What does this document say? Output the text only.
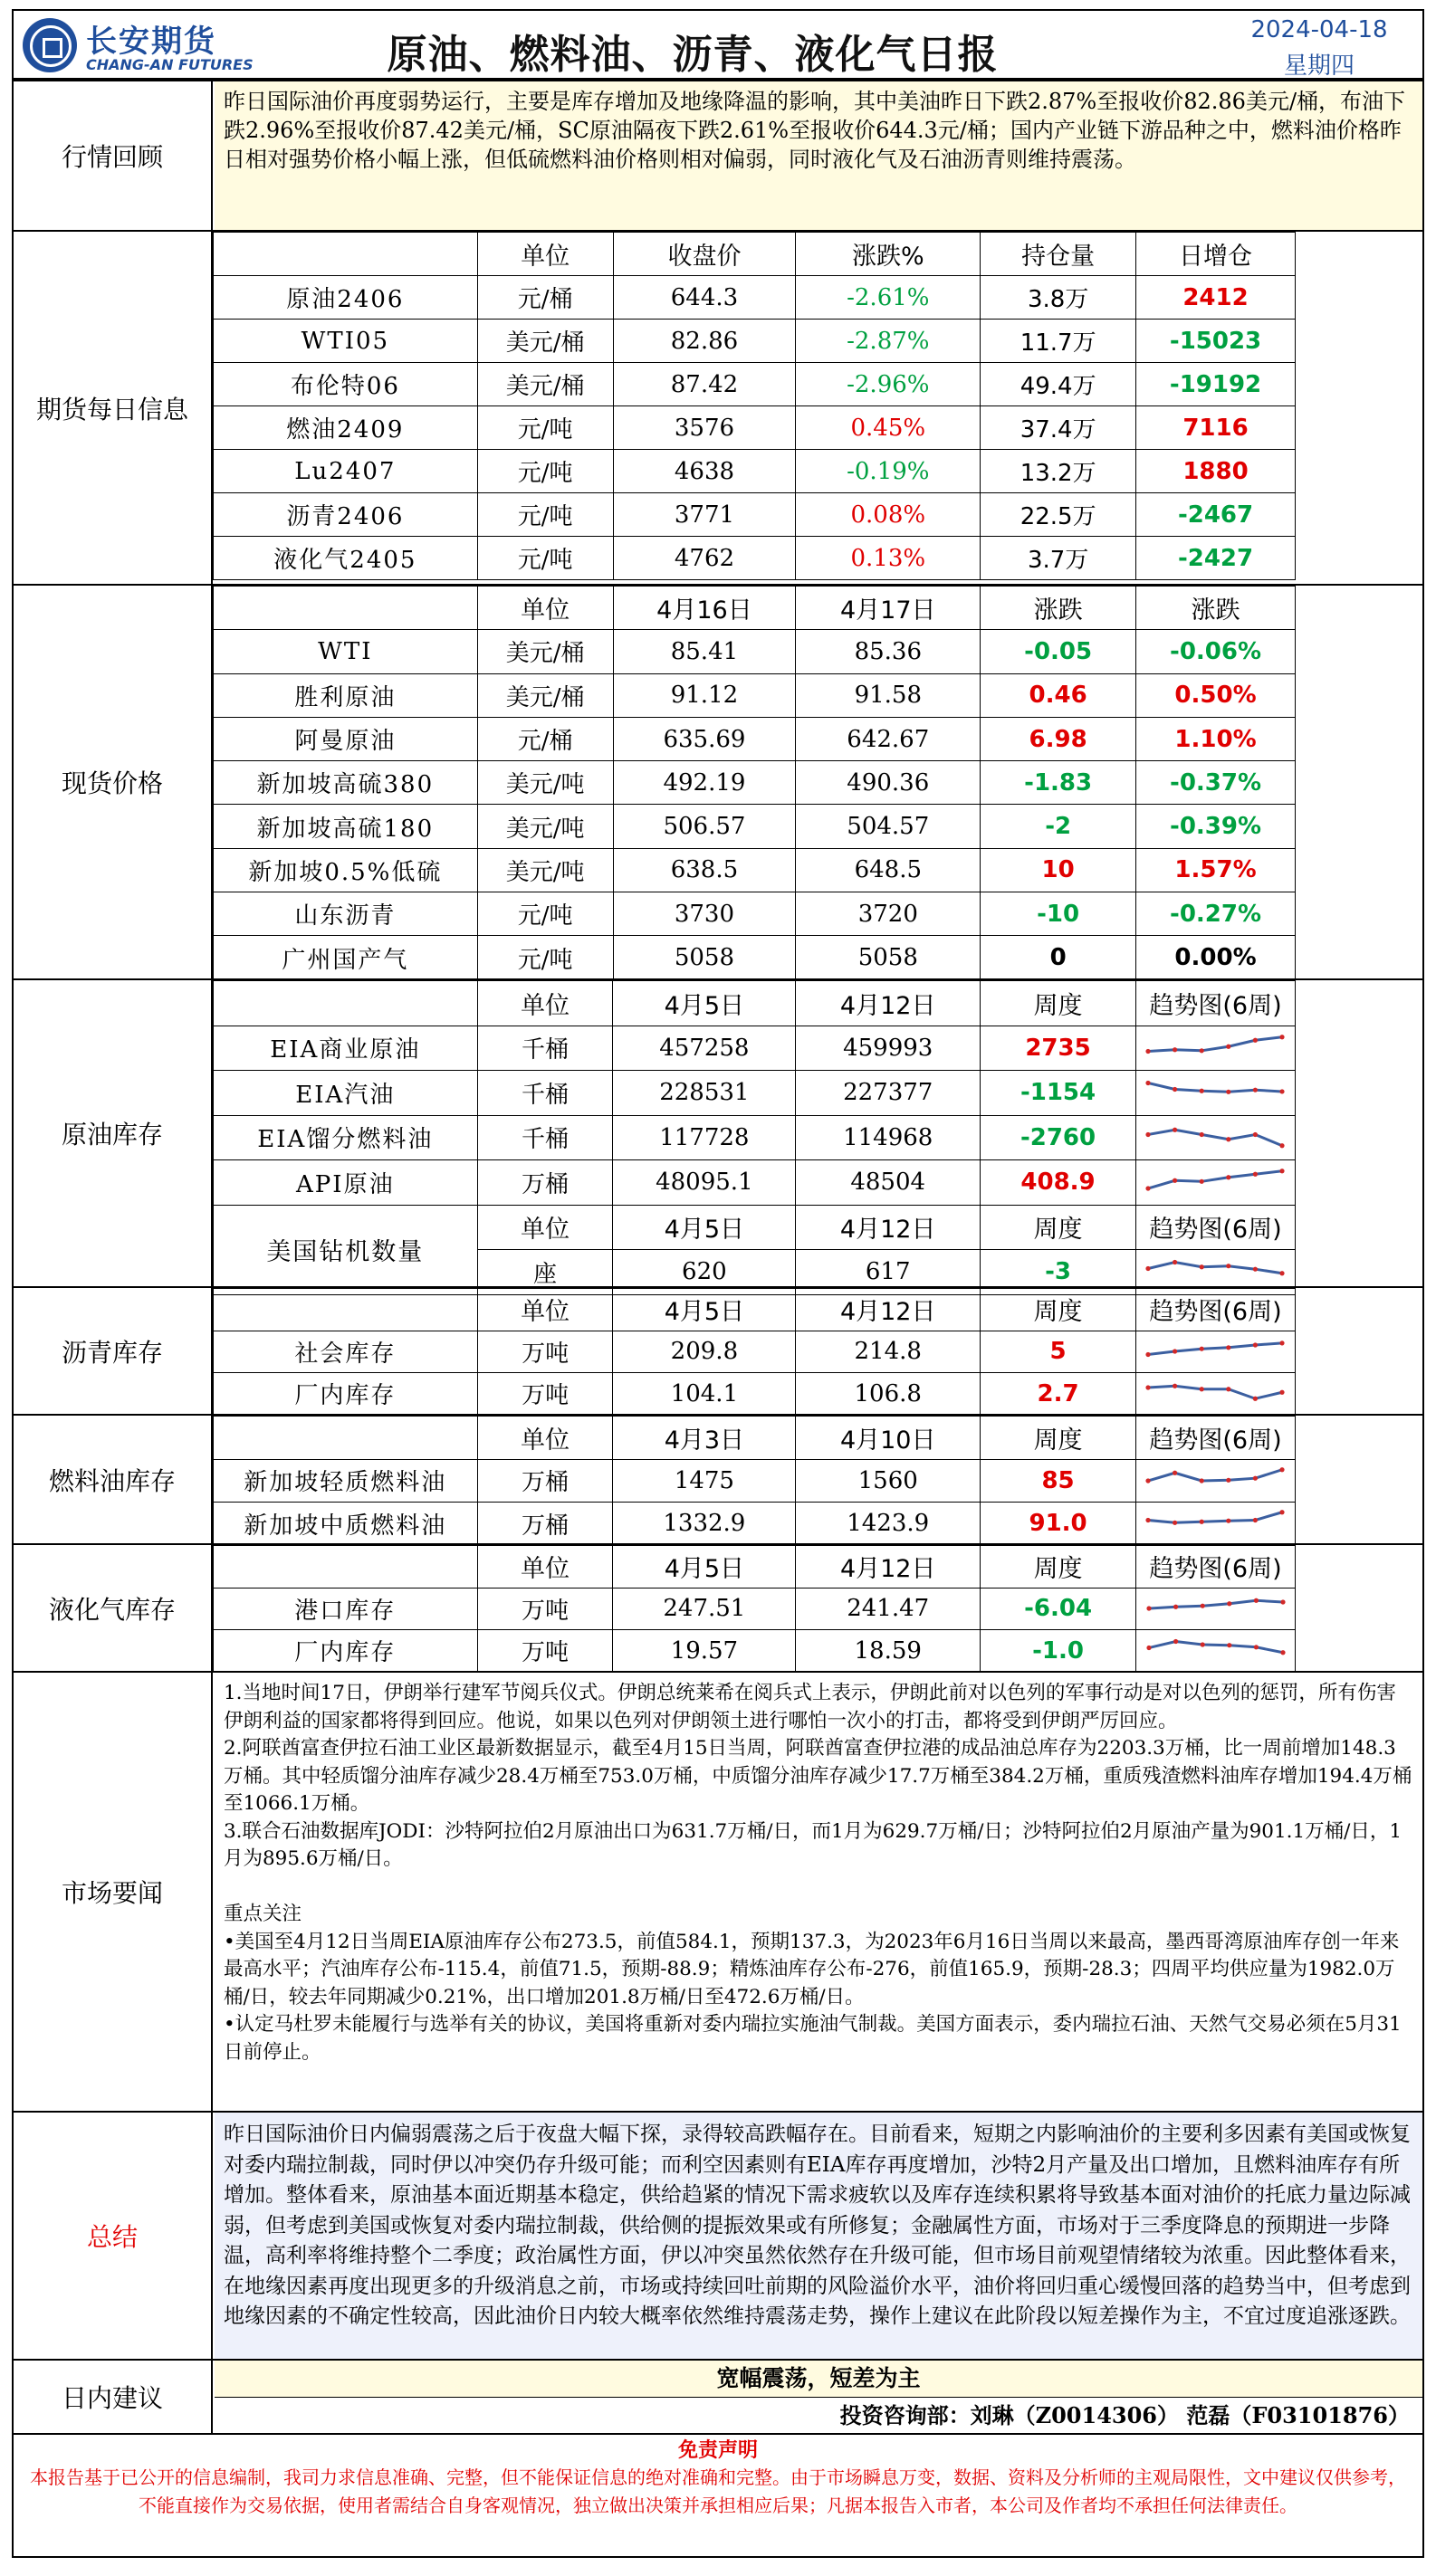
长安期货
CHANG-AN FUTURES	原油、燃料油、沥青、液化气日报
2024-04-18
星期四
行情回顾

昨日国际油价再度弱势运行，主要是库存增加及地缘降温的影响，其中美油昨日下跌2.87%至报收价82.86美元/桶，布油下跌2.96%至报收价87.42美元/桶，SC原油隔夜下跌2.61%至报收价644.3元/桶；国内产业链下游品种之中，燃料油价格昨日相对强势价格小幅上涨，但低硫燃料油价格则相对偏弱，同时液化气及石油沥青则维持震荡。

期货每日信息
	单位	收盘价	涨跌%	持仓量	日增仓
原油2406	元/桶	644.3	-2.61%	3.8万	2412
WTI05	美元/桶	82.86	-2.87%	11.7万	-15023
布伦特06	美元/桶	87.42	-2.96%	49.4万	-19192
燃油2409	元/吨	3576	0.45%	37.4万	7116
Lu2407	元/吨	4638	-0.19%	13.2万	1880
沥青2406	元/吨	3771	0.08%	22.5万	-2467
液化气2405	元/吨	4762	0.13%	3.7万	-2427
现货价格
	单位	4月16日	4月17日	涨跌	涨跌
WTI	美元/桶	85.41	85.36	-0.05	-0.06%
胜利原油	美元/桶	91.12	91.58	0.46	0.50%
阿曼原油	元/桶	635.69	642.67	6.98	1.10%
新加坡高硫380	美元/吨	492.19	490.36	-1.83	-0.37%
新加坡高硫180	美元/吨	506.57	504.57	-2	-0.39%
新加坡0.5%低硫	美元/吨	638.5	648.5	10	1.57%
山东沥青	元/吨	3730	3720	-10	-0.27%
广州国产气	元/吨	5058	5058	0	0.00%
原油库存
	单位	4月5日	4月12日	周度	趋势图(6周)
EIA商业原油	千桶	457258	459993	2735	

EIA汽油	千桶	228531	227377	-1154	

EIA馏分燃料油	千桶	117728	114968	-2760	

API原油	万桶	48095.1	48504	408.9	

美国钻机数量	单位	4月5日	4月12日	周度	趋势图(6周)
	座	620	617	-3	
沥青库存
	单位	4月5日	4月12日	周度	趋势图(6周)
社会库存	万吨	209.8	214.8	5	

厂内库存	万吨	104.1	106.8	2.7	
燃料油库存
	单位	4月3日	4月10日	周度	趋势图(6周)
新加坡轻质燃料油	万桶	1475	1560	85	

新加坡中质燃料油	万桶	1332.9	1423.9	91.0	
液化气库存
	单位	4月5日	4月12日	周度	趋势图(6周)
港口库存	万吨	247.51	241.47	-6.04	

厂内库存	万吨	19.57	18.59	-1.0	
市场要闻

1.当地时间17日，伊朗举行建军节阅兵仪式。伊朗总统莱希在阅兵式上表示，伊朗此前对以色列的军事行动是对以色列的惩罚，所有伤害伊朗利益的国家都将得到回应。他说，如果以色列对伊朗领土进行哪怕一次小的打击，都将受到伊朗严厉回应。

2.阿联酋富查伊拉石油工业区最新数据显示，截至4月15日当周，阿联酋富查伊拉港的成品油总库存为2203.3万桶，比一周前增加148.3万桶。其中轻质馏分油库存减少28.4万桶至753.0万桶，中质馏分油库存减少17.7万桶至384.2万桶，重质残渣燃料油库存增加194.4万桶至1066.1万桶。

3.联合石油数据库JODI：沙特阿拉伯2月原油出口为631.7万桶/日，而1月为629.7万桶/日；沙特阿拉伯2月原油产量为901.1万桶/日，1月为895.6万桶/日。

重点关注

•美国至4月12日当周EIA原油库存公布273.5，前值584.1，预期137.3，为2023年6月16日当周以来最高，墨西哥湾原油库存创一年来最高水平；汽油库存公布-115.4，前值71.5，预期-88.9；精炼油库存公布-276，前值165.9，预期-28.3；四周平均供应量为1982.0万桶/日，较去年同期减少0.21%，出口增加201.8万桶/日至472.6万桶/日。

•认定马杜罗未能履行与选举有关的协议，美国将重新对委内瑞拉实施油气制裁。美国方面表示，委内瑞拉石油、天然气交易必须在5月31日前停止。

总结

昨日国际油价日内偏弱震荡之后于夜盘大幅下探，录得较高跌幅存在。目前看来，短期之内影响油价的主要利多因素有美国或恢复对委内瑞拉制裁，同时伊以冲突仍存升级可能；而利空因素则有EIA库存再度增加，沙特2月产量及出口增加，且燃料油库存有所增加。整体看来，原油基本面近期基本稳定，供给趋紧的情况下需求疲软以及库存连续积累将导致基本面对油价的托底力量边际减弱，但考虑到美国或恢复对委内瑞拉制裁，供给侧的提振效果或有所修复；金融属性方面，市场对于三季度降息的预期进一步降温，高利率将维持整个二季度；政治属性方面，伊以冲突虽然依然存在升级可能，但市场目前观望情绪较为浓重。因此整体看来，在地缘因素再度出现更多的升级消息之前，市场或持续回吐前期的风险溢价水平，油价将回归重心缓慢回落的趋势当中，但考虑到地缘因素的不确定性较高，因此油价日内较大概率依然维持震荡走势，操作上建议在此阶段以短差操作为主，不宜过度追涨逐跌。

日内建议
宽幅震荡，短差为主
投资咨询部：刘琳（Z0014306） 范磊（F03101876）
免责声明
本报告基于已公开的信息编制，我司力求信息准确、完整，但不能保证信息的绝对准确和完整。由于市场瞬息万变，数据、资料及分析师的主观局限性，文中建议仅供参考，不能直接作为交易依据，使用者需结合自身客观情况，独立做出决策并承担相应后果；凡据本报告入市者，本公司及作者均不承担任何法律责任。
